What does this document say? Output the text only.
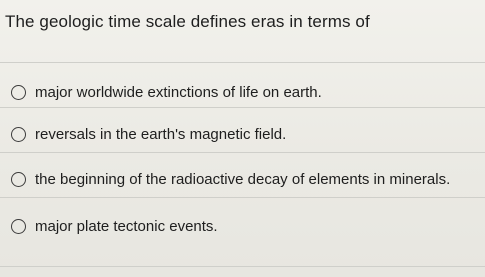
The geologic time scale defines eras in terms of
major worldwide extinctions of life on earth.
reversals in the earth's magnetic field.
the beginning of the radioactive decay of elements in minerals.
major plate tectonic events.
